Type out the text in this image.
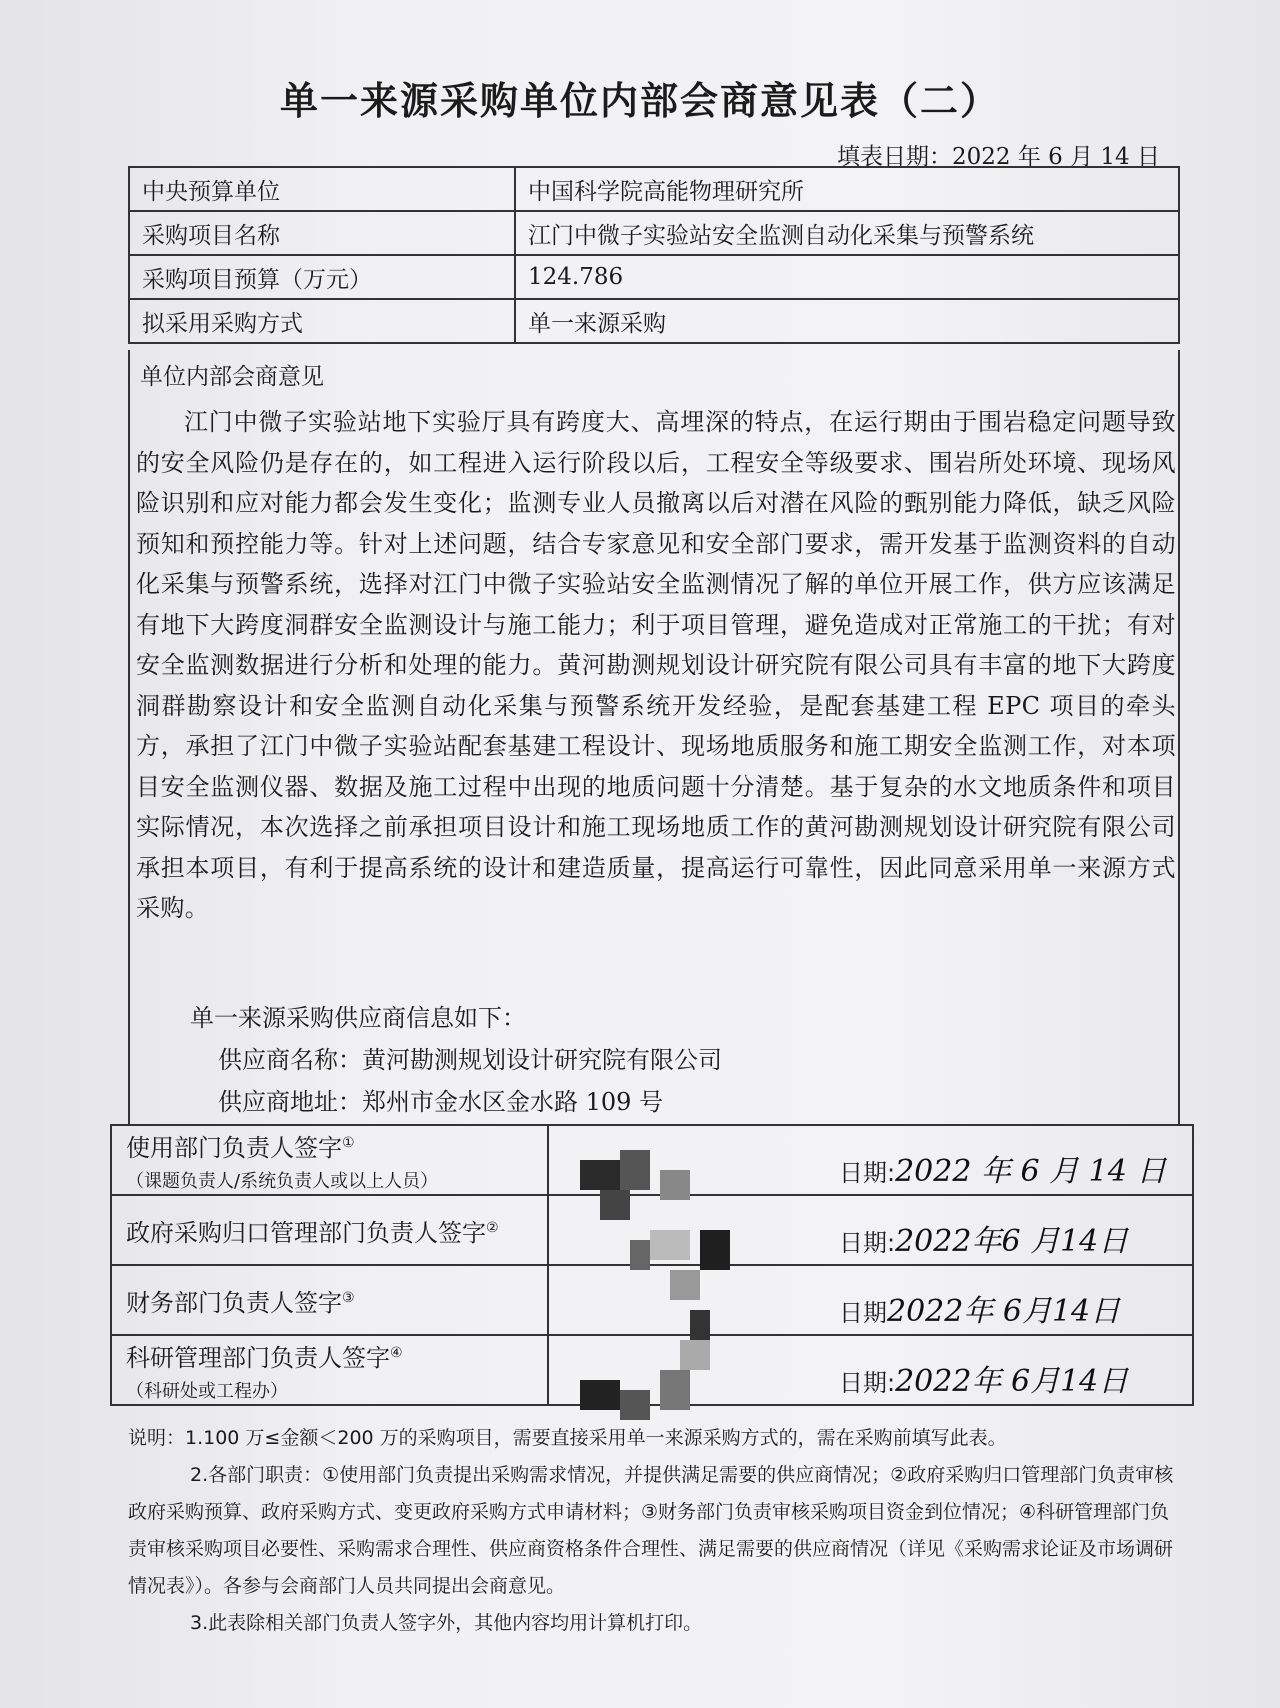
单一来源采购单位内部会商意见表（二）
填表日期：2022 年 6 月 14 日
中央预算单位	中国科学院高能物理研究所
采购项目名称	江门中微子实验站安全监测自动化采集与预警系统
采购项目预算（万元）	124.786
拟采用采购方式	单一来源采购
单位内部会商意见
江门中微子实验站地下实验厅具有跨度大、高埋深的特点，在运行期由于围岩稳定问题导致的安全风险仍是存在的，如工程进入运行阶段以后，工程安全等级要求、围岩所处环境、现场风险识别和应对能力都会发生变化；监测专业人员撤离以后对潜在风险的甄别能力降低，缺乏风险预知和预控能力等。针对上述问题，结合专家意见和安全部门要求，需开发基于监测资料的自动化采集与预警系统，选择对江门中微子实验站安全监测情况了解的单位开展工作，供方应该满足有地下大跨度洞群安全监测设计与施工能力；利于项目管理，避免造成对正常施工的干扰；有对安全监测数据进行分析和处理的能力。黄河勘测规划设计研究院有限公司具有丰富的地下大跨度洞群勘察设计和安全监测自动化采集与预警系统开发经验，是配套基建工程 EPC 项目的牵头方，承担了江门中微子实验站配套基建工程设计、现场地质服务和施工期安全监测工作，对本项目安全监测仪器、数据及施工过程中出现的地质问题十分清楚。基于复杂的水文地质条件和项目实际情况，本次选择之前承担项目设计和施工现场地质工作的黄河勘测规划设计研究院有限公司承担本项目，有利于提高系统的设计和建造质量，提高运行可靠性，因此同意采用单一来源方式采购。
单一来源采购供应商信息如下：
供应商名称：黄河勘测规划设计研究院有限公司
供应商地址：郑州市金水区金水路 109 号
使用部门负责人签字①
（课题负责人/系统负责人或以上人员）	日期:2022 年 6 月 14 日

政府采购归口管理部门负责人签字②	日期:2022年6 月14日

财务部门负责人签字③	日期2022年 6月14日

科研管理部门负责人签字④
（科研处或工程办）	日期:2022年 6月14日

说明：1.100 万≤金额＜200 万的采购项目，需要直接采用单一来源采购方式的，需在采购前填写此表。

2.各部门职责：①使用部门负责提出采购需求情况，并提供满足需要的供应商情况；②政府采购归口管理部门负责审核政府采购预算、政府采购方式、变更政府采购方式申请材料；③财务部门负责审核采购项目资金到位情况；④科研管理部门负责审核采购项目必要性、采购需求合理性、供应商资格条件合理性、满足需要的供应商情况（详见《采购需求论证及市场调研情况表》）。各参与会商部门人员共同提出会商意见。

3.此表除相关部门负责人签字外，其他内容均用计算机打印。
